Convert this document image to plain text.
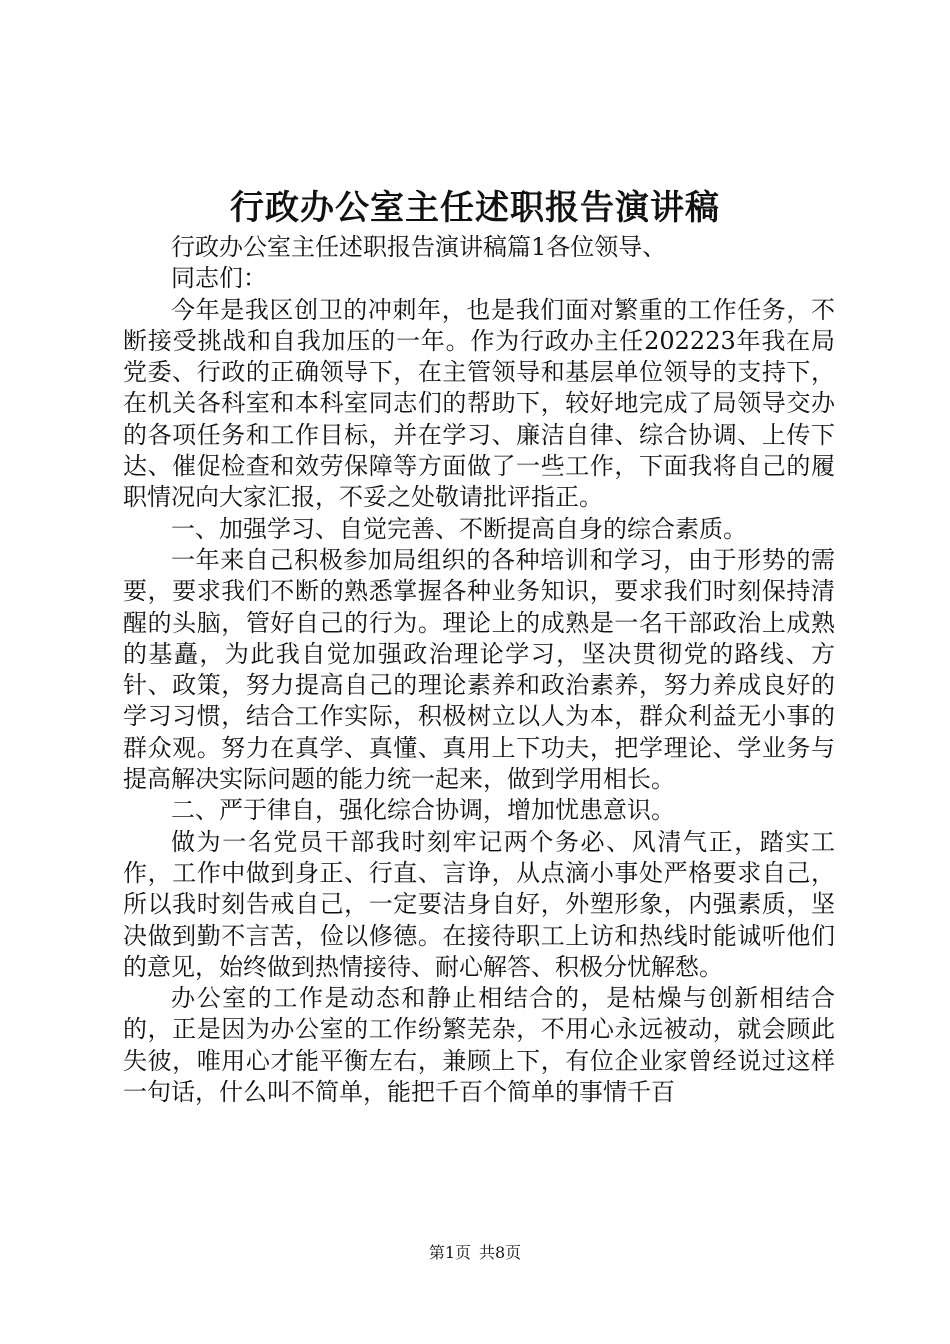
行政办公室主任述职报告演讲稿

行政办公室主任述职报告演讲稿篇1各位领导、

同志们：

今年是我区创卫的冲刺年，也是我们面对繁重的工作任务，不断接受挑战和自我加压的一年。作为行政办主任202223年我在局党委、行政的正确领导下，在主管领导和基层单位领导的支持下，在机关各科室和本科室同志们的帮助下，较好地完成了局领导交办的各项任务和工作目标，并在学习、廉洁自律、综合协调、上传下达、催促检查和效劳保障等方面做了一些工作，下面我将自己的履职情况向大家汇报，不妥之处敬请批评指正。

一、加强学习、自觉完善、不断提高自身的综合素质。

一年来自己积极参加局组织的各种培训和学习，由于形势的需要，要求我们不断的熟悉掌握各种业务知识，要求我们时刻保持清醒的头脑，管好自己的行为。理论上的成熟是一名干部政治上成熟的基矗，为此我自觉加强政治理论学习，坚决贯彻党的路线、方针、政策，努力提高自己的理论素养和政治素养，努力养成良好的学习习惯，结合工作实际，积极树立以人为本，群众利益无小事的群众观。努力在真学、真懂、真用上下功夫，把学理论、学业务与提高解决实际问题的能力统一起来，做到学用相长。

二、严于律自，强化综合协调，增加忧患意识。

做为一名党员干部我时刻牢记两个务必、风清气正，踏实工作，工作中做到身正、行直、言诤，从点滴小事处严格要求自己，所以我时刻告戒自己，一定要洁身自好，外塑形象，内强素质，坚决做到勤不言苦，俭以修德。在接待职工上访和热线时能诚听他们的意见，始终做到热情接待、耐心解答、积极分忧解愁。

办公室的工作是动态和静止相结合的，是枯燥与创新相结合的，正是因为办公室的工作纷繁芜杂，不用心永远被动，就会顾此失彼，唯用心才能平衡左右，兼顾上下，有位企业家曾经说过这样一句话，什么叫不简单，能把千百个简单的事情千百

第1页 共8页
